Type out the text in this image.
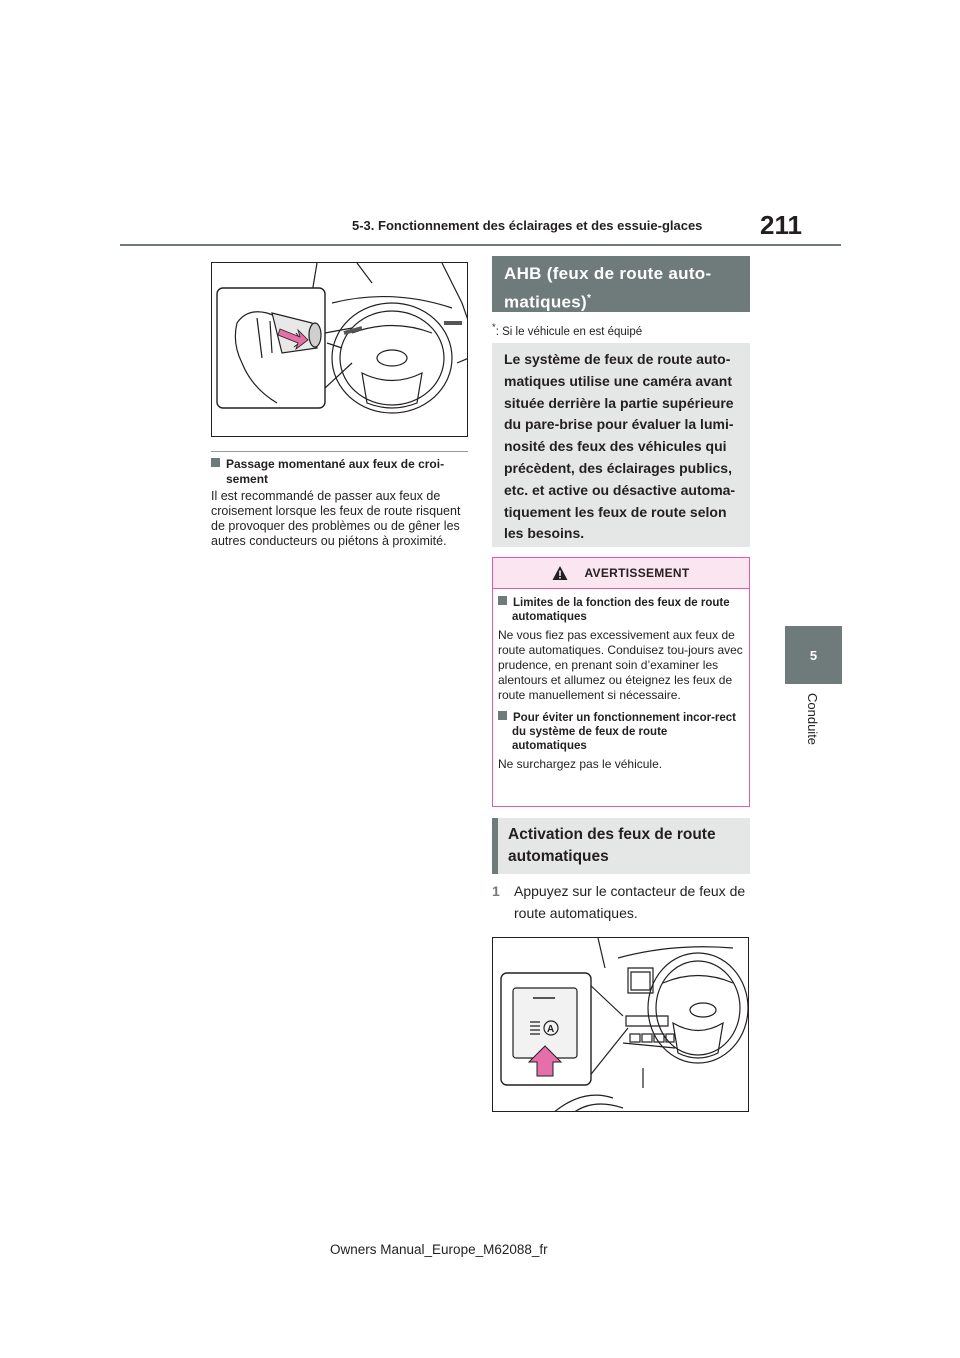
5-3. Fonctionnement des éclairages et des essuie-glaces 211
5
Conduite
Passage momentané aux feux de croi-
sement
Il est recommandé de passer aux feux de croisement lorsque les feux de route risquent de provoquer des problèmes ou de gêner les autres conducteurs ou piétons à proximité.
AHB (feux de route auto-
matiques)*
*: Si le véhicule en est équipé
Le système de feux de route auto-matiques utilise une caméra avant située derrière la partie supérieure du pare-brise pour évaluer la lumi-nosité des feux des véhicules qui précèdent, des éclairages publics, etc. et active ou désactive automa-tiquement les feux de route selon les besoins.
AVERTISSEMENT
Limites de la fonction des feux de route automatiques
Ne vous fiez pas excessivement aux feux de route automatiques. Conduisez tou-jours avec prudence, en prenant soin d’examiner les alentours et allumez ou éteignez les feux de route manuellement si nécessaire.
Pour éviter un fonctionnement incor-rect du système de feux de route automatiques
Ne surchargez pas le véhicule.
Activation des feux de route automatiques
1	Appuyez sur le contacteur de feux de route automatiques.
A
Owners Manual_Europe_M62088_fr
